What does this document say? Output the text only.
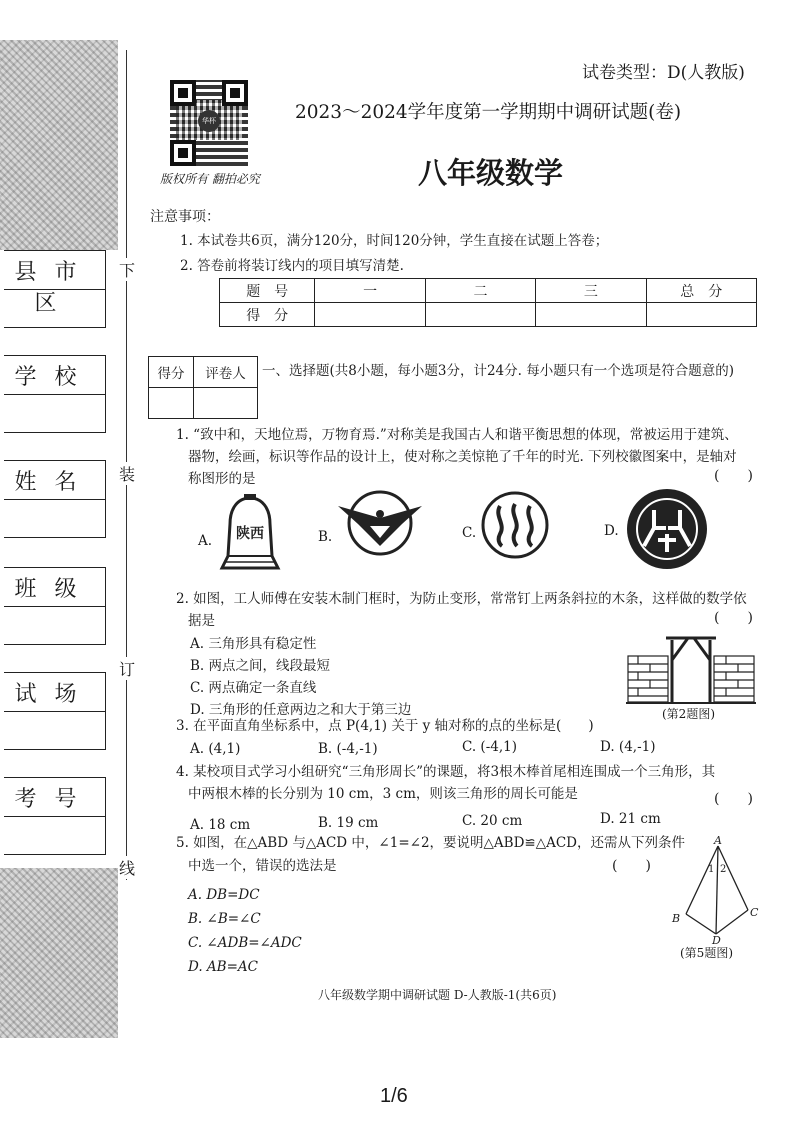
县市区
学校
姓名
班级
试场
考号
下
装
订
线
华杯
版权所有 翻拍必究
试卷类型：D(人教版)
2023～2024学年度第一学期期中调研试题(卷)
八年级数学
注意事项：
1. 本试卷共6页，满分120分，时间120分钟，学生直接在试题上答卷；
2. 答卷前将装订线内的项目填写清楚.
题　号	一	二	三	总　分
得　分				
得分	评卷人
	一、选择题(共8小题，每小题3分，计24分. 每小题只有一个选项是符合题意的)
1. “致中和，天地位焉，万物育焉.”对称美是我国古人和谐平衡思想的体现，常被运用于建筑、
器物，绘画，标识等作品的设计上，使对称之美惊艳了千年的时光. 下列校徽图案中，是轴对
(　　)
称图形的是
A.	B.	C.	D.
陕西
2. 如图，工人师傅在安装木制门框时，为防止变形，常常钉上两条斜拉的木条，这样做的数学依
(　　)
据是
A. 三角形具有稳定性
B. 两点之间，线段最短
C. 两点确定一条直线
D. 三角形的任意两边之和大于第三边	(第2题图)
3. 在平面直角坐标系中，点 P(4,1) 关于 y 轴对称的点的坐标是(　　)
A. (4,1)	B. (-4,-1)	C. (-4,1)	D. (4,-1)
4. 某校项目式学习小组研究“三角形周长”的课题，将3根木棒首尾相连围成一个三角形，其
中两根木棒的长分别为 10 cm，3 cm，则该三角形的周长可能是	(　　)
A. 18 cm	B. 19 cm	C. 20 cm	D. 21 cm
5. 如图，在△ABD 与△ACD 中，∠1=∠2，要说明△ABD≌△ACD，还需从下列条件
中选一个，错误的选法是	(　　)
A. DB=DC
B. ∠B=∠C
C. ∠ADB=∠ADC
D. AB=AC
A
1 2
B	C
D
(第5题图)
八年级数学期中调研试题 D-人教版-1(共6页)
1/6
